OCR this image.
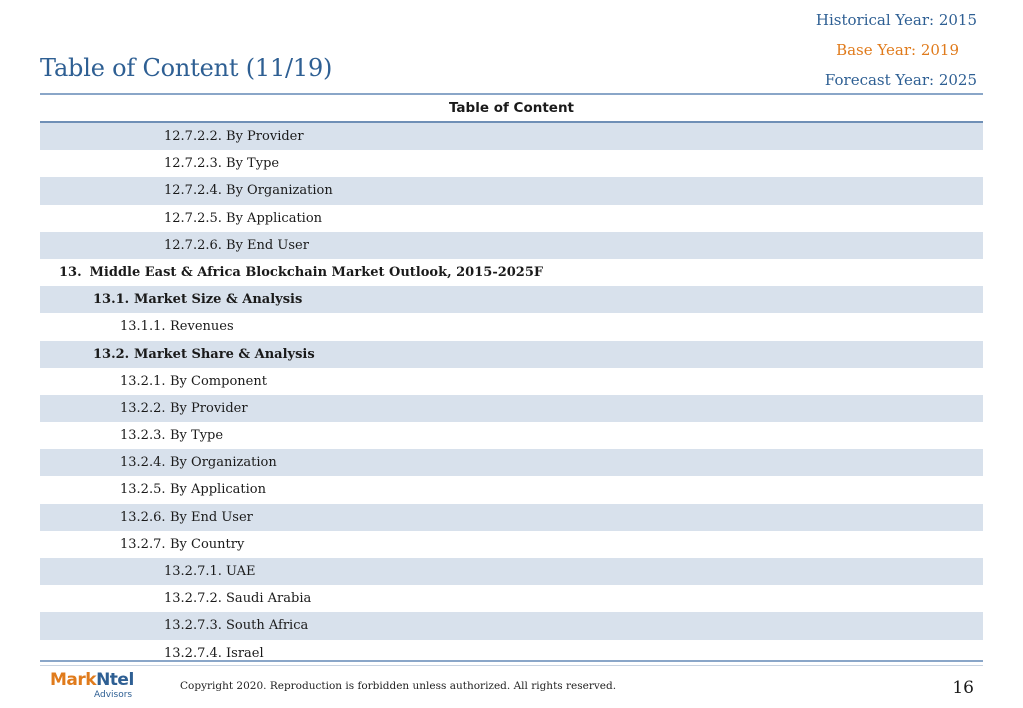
Table of Content (11/19)
Historical Year: 2015
Base Year: 2019
Forecast Year: 2025
Table of Content
12.7.2.2. By Provider
12.7.2.3. By Type
12.7.2.4. By Organization
12.7.2.5. By Application
12.7.2.6. By End User
13. Middle East & Africa Blockchain Market Outlook, 2015-2025F
13.1. Market Size & Analysis
13.1.1. Revenues
13.2. Market Share & Analysis
13.2.1. By Component
13.2.2. By Provider
13.2.3. By Type
13.2.4. By Organization
13.2.5. By Application
13.2.6. By End User
13.2.7. By Country
13.2.7.1. UAE
13.2.7.2. Saudi Arabia
13.2.7.3. South Africa
13.2.7.4. Israel
MarkNtel
Advisors
Copyright 2020. Reproduction is forbidden unless authorized. All rights reserved.	16
